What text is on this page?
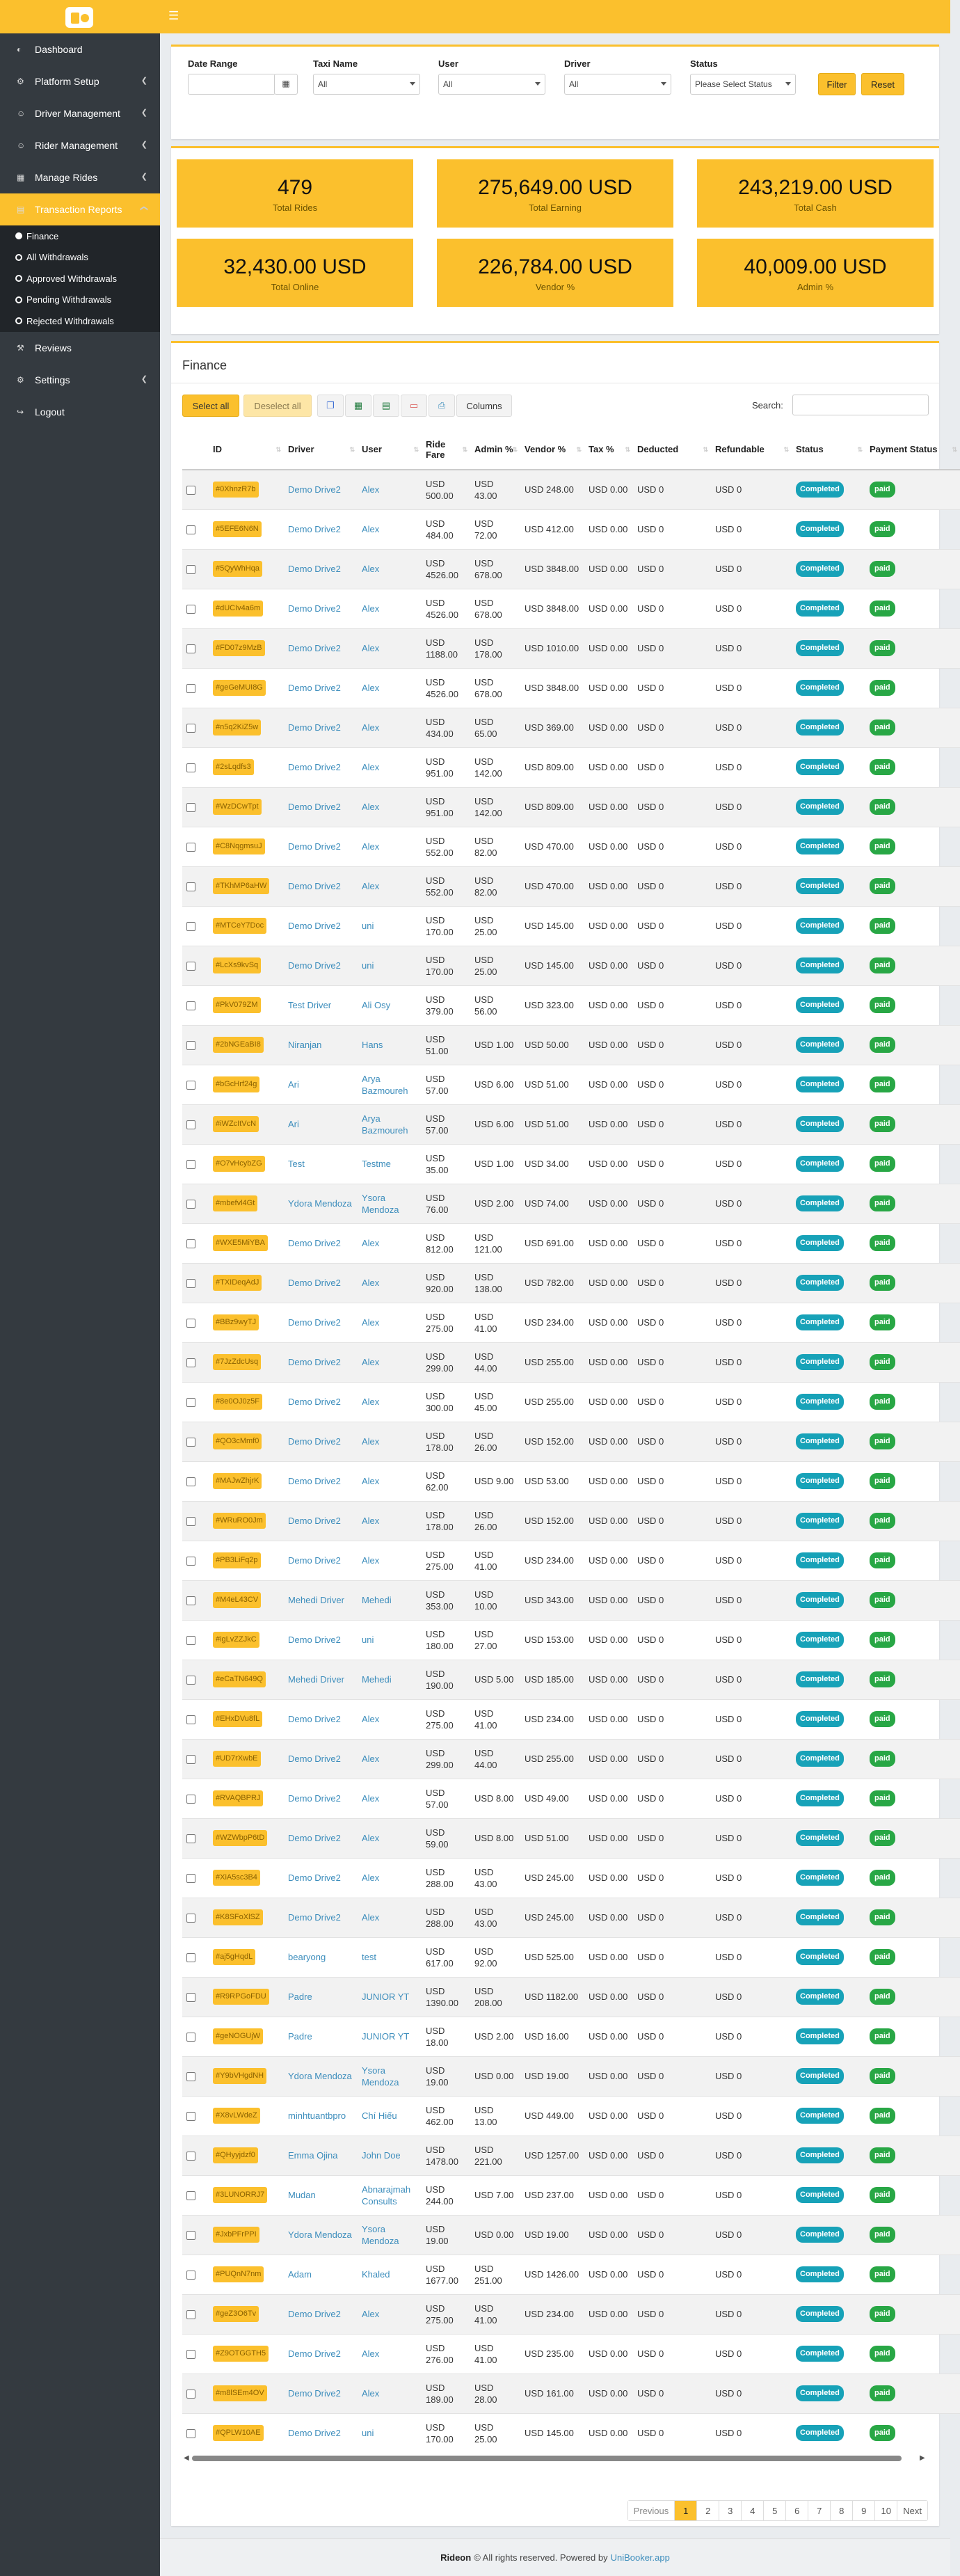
☰
◐	Dashboard
⚙	Platform Setup	❮
☺ Driver Management	❮
☺ Rider Management	❮
▦	Manage Rides	❮
▤	Transaction Reports ❮
Finance
All Withdrawals
Approved Withdrawals
Pending Withdrawals
Rejected Withdrawals
⚒	Reviews
⚙	Settings	❮
↪	Logout
Date Range
▦
Taxi Name
All
User
All
Driver
All
Status
Please Select Status	Filter	Reset
479
Total Rides
275,649.00 USD
Total Earning
243,219.00 USD
Total Cash
32,430.00 USD
Total Online
226,784.00 USD
Vendor %
40,009.00 USD
Admin %
Finance
Select all	Deselect all	❐	▦	▤	▭	⎙	Columns	Search:
	ID ⇅	Driver ⇅	User ⇅	Ride Fare ⇅	Admin %
⇅	Vendor % ⇅	Tax % ⇅	Deducted ⇅	Refundable ⇅	Status ⇅	Payment Status ⇅

	#0XhnzR7b	Demo Drive2	Alex	USD 500.00	USD 43.00	USD 248.00	USD 0.00	USD 0	USD 0	Completed	paid
	#5EFE6N6N	Demo Drive2	Alex	USD 484.00	USD 72.00	USD 412.00	USD 0.00	USD 0	USD 0	Completed	paid
	#5QyWhHqa	Demo Drive2	Alex	USD 4526.00	USD 678.00	USD 3848.00	USD 0.00	USD 0	USD 0	Completed	paid
	#dUCIv4a6m	Demo Drive2	Alex	USD 4526.00	USD 678.00	USD 3848.00	USD 0.00	USD 0	USD 0	Completed	paid
	#FD07z9MzB	Demo Drive2	Alex	USD 1188.00	USD 178.00	USD 1010.00	USD 0.00	USD 0	USD 0	Completed	paid
	#geGeMUI8G	Demo Drive2	Alex	USD 4526.00	USD 678.00	USD 3848.00	USD 0.00	USD 0	USD 0	Completed	paid
	#n5q2KiZ5w	Demo Drive2	Alex	USD 434.00	USD 65.00	USD 369.00	USD 0.00	USD 0	USD 0	Completed	paid
	#2sLqdfs3	Demo Drive2	Alex	USD 951.00	USD 142.00	USD 809.00	USD 0.00	USD 0	USD 0	Completed	paid
	#WzDCwTpt	Demo Drive2	Alex	USD 951.00	USD 142.00	USD 809.00	USD 0.00	USD 0	USD 0	Completed	paid
	#C8NqgmsuJ	Demo Drive2	Alex	USD 552.00	USD 82.00	USD 470.00	USD 0.00	USD 0	USD 0	Completed	paid
	#TKhMP6aHW	Demo Drive2	Alex	USD 552.00	USD 82.00	USD 470.00	USD 0.00	USD 0	USD 0	Completed	paid
	#MTCeY7Doc	Demo Drive2	uni	USD 170.00	USD 25.00	USD 145.00	USD 0.00	USD 0	USD 0	Completed	paid
	#LcXs9kvSq	Demo Drive2	uni	USD 170.00	USD 25.00	USD 145.00	USD 0.00	USD 0	USD 0	Completed	paid
	#PkV079ZM	Test Driver	Ali Osy	USD 379.00	USD 56.00	USD 323.00	USD 0.00	USD 0	USD 0	Completed	paid
	#2bNGEaBI8	Niranjan	Hans	USD 51.00	USD 1.00	USD 50.00	USD 0.00	USD 0	USD 0	Completed	paid
	#bGcHrf24g	Ari	Arya Bazmoureh	USD 57.00	USD 6.00	USD 51.00	USD 0.00	USD 0	USD 0	Completed	paid
	#iWZcItVcN	Ari	Arya Bazmoureh	USD 57.00	USD 6.00	USD 51.00	USD 0.00	USD 0	USD 0	Completed	paid
	#O7vHcybZG	Test	Testme	USD 35.00	USD 1.00	USD 34.00	USD 0.00	USD 0	USD 0	Completed	paid
	#mbefvl4Gt	Ydora Mendoza	Ysora Mendoza	USD 76.00	USD 2.00	USD 74.00	USD 0.00	USD 0	USD 0	Completed	paid
	#WXE5MiYBA	Demo Drive2	Alex	USD 812.00	USD 121.00	USD 691.00	USD 0.00	USD 0	USD 0	Completed	paid
	#TXIDeqAdJ	Demo Drive2	Alex	USD 920.00	USD 138.00	USD 782.00	USD 0.00	USD 0	USD 0	Completed	paid
	#BBz9wyTJ	Demo Drive2	Alex	USD 275.00	USD 41.00	USD 234.00	USD 0.00	USD 0	USD 0	Completed	paid
	#7JzZdcUsq	Demo Drive2	Alex	USD 299.00	USD 44.00	USD 255.00	USD 0.00	USD 0	USD 0	Completed	paid
	#8e0OJ0z5F	Demo Drive2	Alex	USD 300.00	USD 45.00	USD 255.00	USD 0.00	USD 0	USD 0	Completed	paid
	#QO3cMmf0	Demo Drive2	Alex	USD 178.00	USD 26.00	USD 152.00	USD 0.00	USD 0	USD 0	Completed	paid
	#MAJwZhjrK	Demo Drive2	Alex	USD 62.00	USD 9.00	USD 53.00	USD 0.00	USD 0	USD 0	Completed	paid
	#WRuRO0Jm	Demo Drive2	Alex	USD 178.00	USD 26.00	USD 152.00	USD 0.00	USD 0	USD 0	Completed	paid
	#PB3LiFq2p	Demo Drive2	Alex	USD 275.00	USD 41.00	USD 234.00	USD 0.00	USD 0	USD 0	Completed	paid
	#M4eL43CV	Mehedi Driver	Mehedi	USD 353.00	USD 10.00	USD 343.00	USD 0.00	USD 0	USD 0	Completed	paid
	#igLvZZJkC	Demo Drive2	uni	USD 180.00	USD 27.00	USD 153.00	USD 0.00	USD 0	USD 0	Completed	paid
	#eCaTN649Q	Mehedi Driver	Mehedi	USD 190.00	USD 5.00	USD 185.00	USD 0.00	USD 0	USD 0	Completed	paid
	#EHxDVu8fL	Demo Drive2	Alex	USD 275.00	USD 41.00	USD 234.00	USD 0.00	USD 0	USD 0	Completed	paid
	#UD7rXwbE	Demo Drive2	Alex	USD 299.00	USD 44.00	USD 255.00	USD 0.00	USD 0	USD 0	Completed	paid
	#RVAQBPRJ	Demo Drive2	Alex	USD 57.00	USD 8.00	USD 49.00	USD 0.00	USD 0	USD 0	Completed	paid
	#WZWbpP6tD	Demo Drive2	Alex	USD 59.00	USD 8.00	USD 51.00	USD 0.00	USD 0	USD 0	Completed	paid
	#XiA5sc3B4	Demo Drive2	Alex	USD 288.00	USD 43.00	USD 245.00	USD 0.00	USD 0	USD 0	Completed	paid
	#K8SFoXlSZ	Demo Drive2	Alex	USD 288.00	USD 43.00	USD 245.00	USD 0.00	USD 0	USD 0	Completed	paid
	#aj5gHqdL	bearyong	test	USD 617.00	USD 92.00	USD 525.00	USD 0.00	USD 0	USD 0	Completed	paid
	#R9RPGoFDU	Padre	JUNIOR YT	USD 1390.00	USD 208.00	USD 1182.00	USD 0.00	USD 0	USD 0	Completed	paid
	#geNOGUjW	Padre	JUNIOR YT	USD 18.00	USD 2.00	USD 16.00	USD 0.00	USD 0	USD 0	Completed	paid
	#Y9bVHgdNH	Ydora Mendoza	Ysora Mendoza	USD 19.00	USD 0.00	USD 19.00	USD 0.00	USD 0	USD 0	Completed	paid
	#X8vLWdeZ	minhtuantbpro	Chí Hiếu	USD 462.00	USD 13.00	USD 449.00	USD 0.00	USD 0	USD 0	Completed	paid
	#QHyyjdzf0	Emma Ojina	John Doe	USD 1478.00	USD 221.00	USD 1257.00	USD 0.00	USD 0	USD 0	Completed	paid
	#3LUNORRJ7	Mudan	Abnarajmah Consults	USD 244.00	USD 7.00	USD 237.00	USD 0.00	USD 0	USD 0	Completed	paid
	#JxbPFrPPI	Ydora Mendoza	Ysora Mendoza	USD 19.00	USD 0.00	USD 19.00	USD 0.00	USD 0	USD 0	Completed	paid
	#PUQnN7nm	Adam	Khaled	USD 1677.00	USD 251.00	USD 1426.00	USD 0.00	USD 0	USD 0	Completed	paid
	#geZ3O6Tv	Demo Drive2	Alex	USD 275.00	USD 41.00	USD 234.00	USD 0.00	USD 0	USD 0	Completed	paid
	#Z9OTGGTH5	Demo Drive2	Alex	USD 276.00	USD 41.00	USD 235.00	USD 0.00	USD 0	USD 0	Completed	paid
	#m8lSEm4OV	Demo Drive2	Alex	USD 189.00	USD 28.00	USD 161.00	USD 0.00	USD 0	USD 0	Completed	paid
	#QPLW10AE	Demo Drive2	uni	USD 170.00	USD 25.00	USD 145.00	USD 0.00	USD 0	USD 0	Completed	paid
◀	▶
Previous	1	2	3	4	5	6	7	8	9	10	Next
Rideon © All rights reserved. Powered by UniBooker.app
